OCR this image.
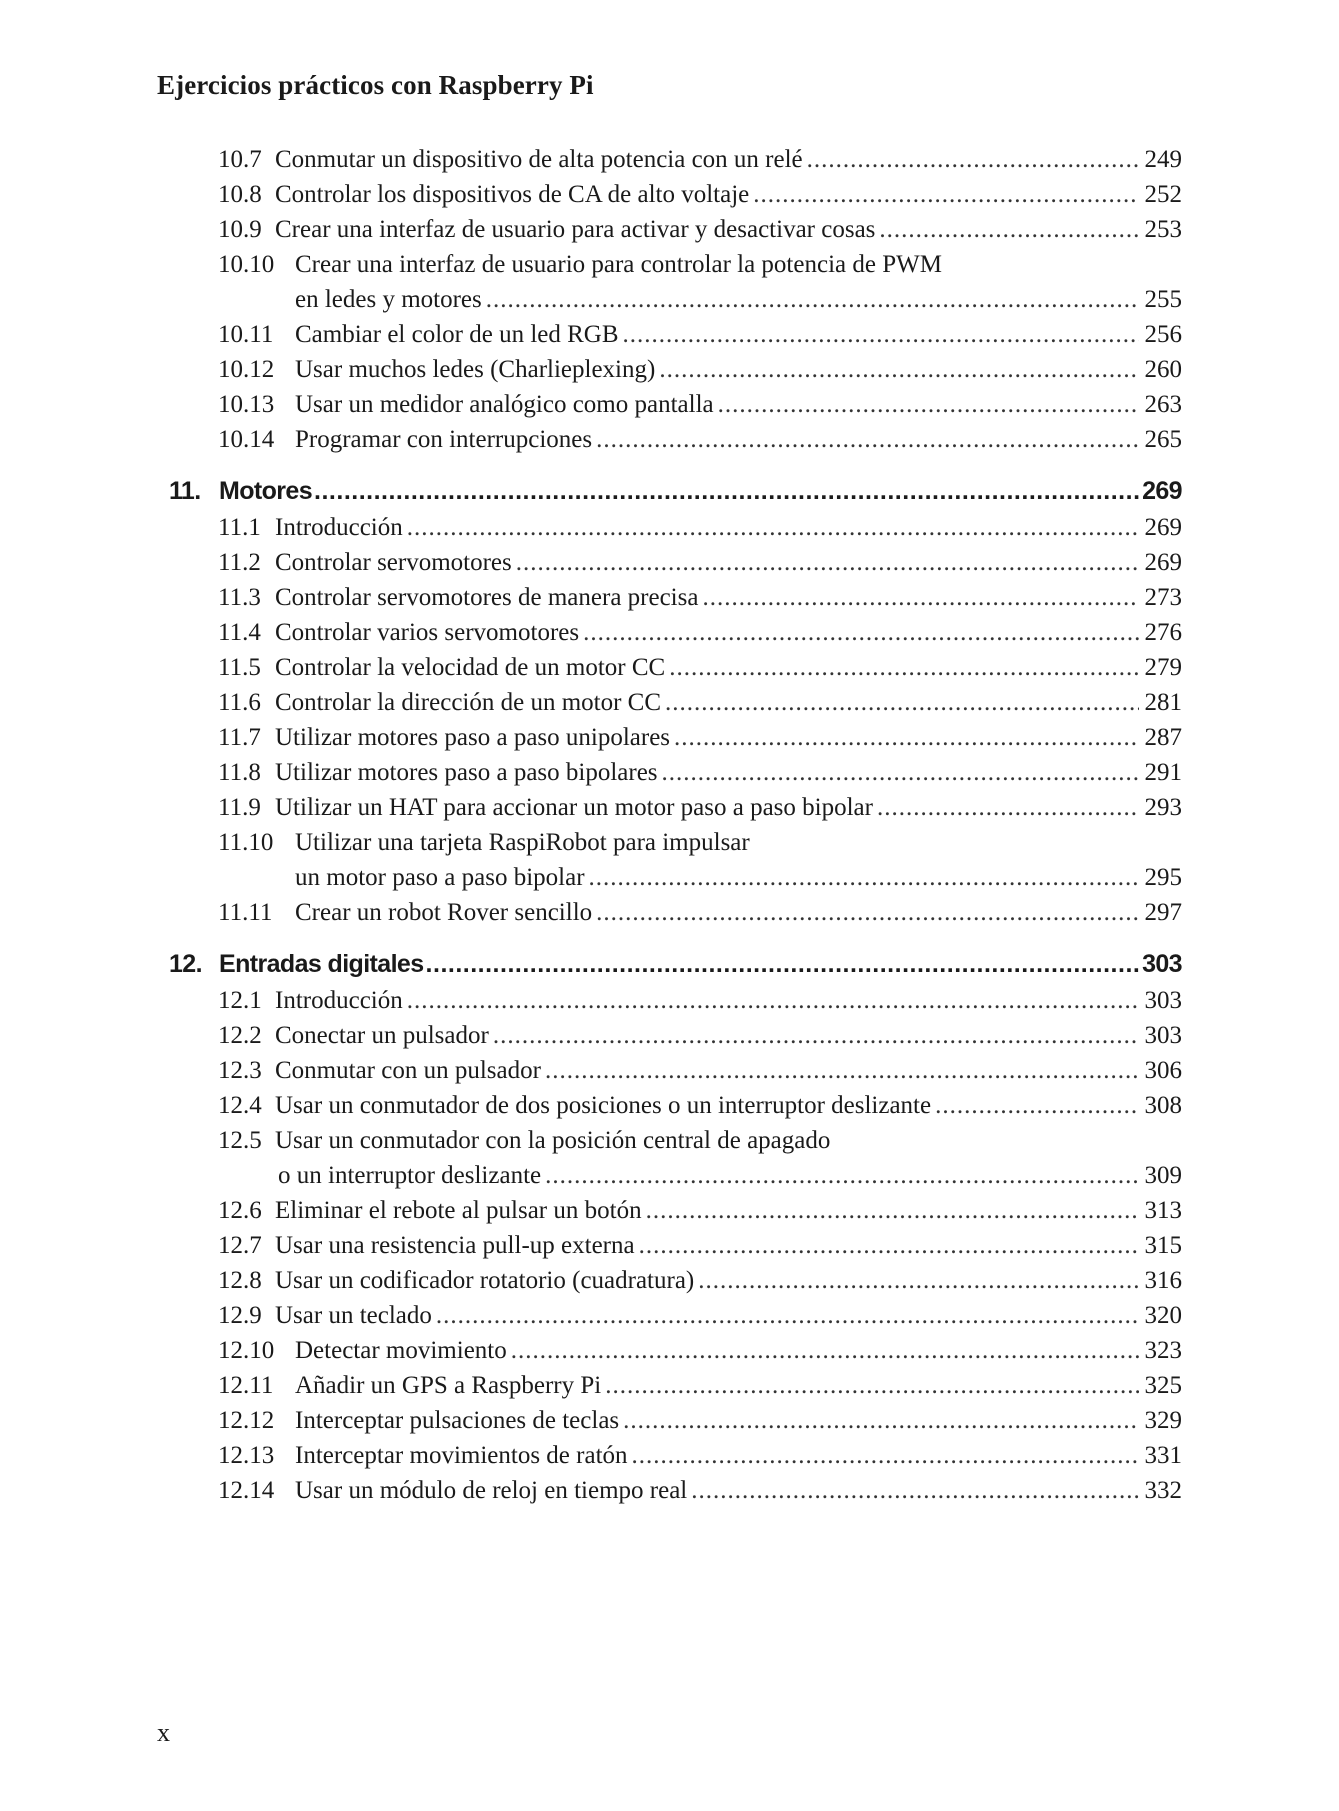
Ejercicios prácticos con Raspberry Pi
10.7 Conmutar un dispositivo de alta potencia con un relé .....	249
10.8 Controlar los dispositivos de CA de alto voltaje .....	252
10.9 Crear una interfaz de usuario para activar y desactivar cosas .....	253
10.10 Crear una interfaz de usuario para controlar la potencia de PWM
en ledes y motores .....	255
10.11 Cambiar el color de un led RGB .....	256
10.12 Usar muchos ledes (Charlieplexing) .....	260
10.13 Usar un medidor analógico como pantalla .....	263
10.14 Programar con interrupciones .....	265
11. Motores .....	269
11.1 Introducción .....	269
11.2 Controlar servomotores .....	269
11.3 Controlar servomotores de manera precisa .....	273
11.4 Controlar varios servomotores .....	276
11.5 Controlar la velocidad de un motor CC .....	279
11.6 Controlar la dirección de un motor CC .....	281
11.7 Utilizar motores paso a paso unipolares .....	287
11.8 Utilizar motores paso a paso bipolares .....	291
11.9 Utilizar un HAT para accionar un motor paso a paso bipolar .....	293
11.10 Utilizar una tarjeta RaspiRobot para impulsar
un motor paso a paso bipolar .....	295
11.11 Crear un robot Rover sencillo .....	297
12. Entradas digitales .....	303
12.1 Introducción .....	303
12.2 Conectar un pulsador .....	303
12.3 Conmutar con un pulsador .....	306
12.4 Usar un conmutador de dos posiciones o un interruptor deslizante .....	308
12.5 Usar un conmutador con la posición central de apagado
o un interruptor deslizante .....	309
12.6 Eliminar el rebote al pulsar un botón .....	313
12.7 Usar una resistencia pull-up externa .....	315
12.8 Usar un codificador rotatorio (cuadratura) .....	316
12.9 Usar un teclado .....	320
12.10 Detectar movimiento .....	323
12.11 Añadir un GPS a Raspberry Pi .....	325
12.12 Interceptar pulsaciones de teclas .....	329
12.13 Interceptar movimientos de ratón .....	331
12.14 Usar un módulo de reloj en tiempo real .....	332
x
